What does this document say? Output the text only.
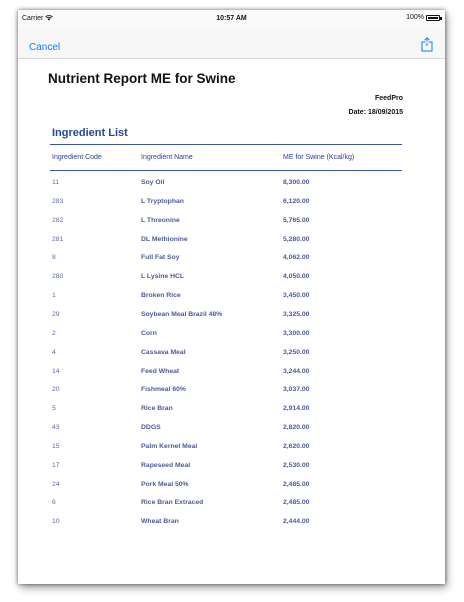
Carrier	10:57 AM	100%
Cancel
Nutrient Report ME for Swine
FeedPro
Date: 18/09/2015
Ingredient List
Ingredient Code	Ingredient Name	ME for Swine (Kcal/kg)
11	Soy Oil	8,300.00
283	L Tryptophan	6,120.00
282	L Threonine	5,765.00
281	DL Methionine	5,280.00
8	Full Fat Soy	4,062.00
280	L Lysine HCL	4,050.00
1	Broken Rice	3,450.00
29	Soybean Meal Brazil 48%	3,325.00
2	Corn	3,300.00
4	Cassava Meal	3,250.00
14	Feed Wheat	3,244.00
20	Fishmeal 60%	3,037.00
5	Rice Bran	2,914.00
43	DDGS	2,820.00
15	Palm Kernel Meal	2,620.00
17	Rapeseed Meal	2,530.00
24	Pork Meal 50%	2,485.00
6	Rice Bran Extraced	2,485.00
10	Wheat Bran	2,444.00
